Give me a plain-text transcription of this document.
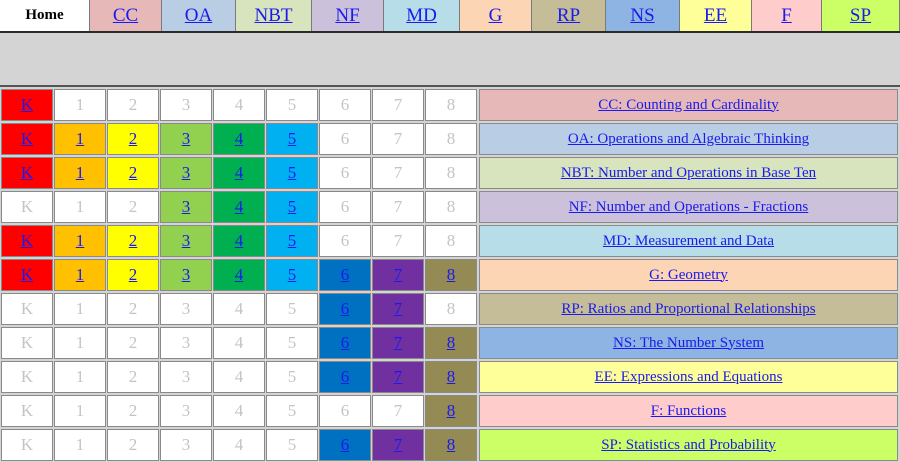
Home	CC	OA	NBT	NF	MD	G	RP	NS	EE	F	SP
K	1	2	3	4	5	6	7	8	CC: Counting and Cardinality
K	1	2	3	4	5	6	7	8	OA: Operations and Algebraic Thinking
K	1	2	3	4	5	6	7	8	NBT: Number and Operations in Base Ten
K	1	2	3	4	5	6	7	8	NF: Number and Operations - Fractions
K	1	2	3	4	5	6	7	8	MD: Measurement and Data
K	1	2	3	4	5	6	7	8	G: Geometry
K	1	2	3	4	5	6	7	8	RP: Ratios and Proportional Relationships
K	1	2	3	4	5	6	7	8	NS: The Number System
K	1	2	3	4	5	6	7	8	EE: Expressions and Equations
K	1	2	3	4	5	6	7	8	F: Functions
K	1	2	3	4	5	6	7	8	SP: Statistics and Probability
